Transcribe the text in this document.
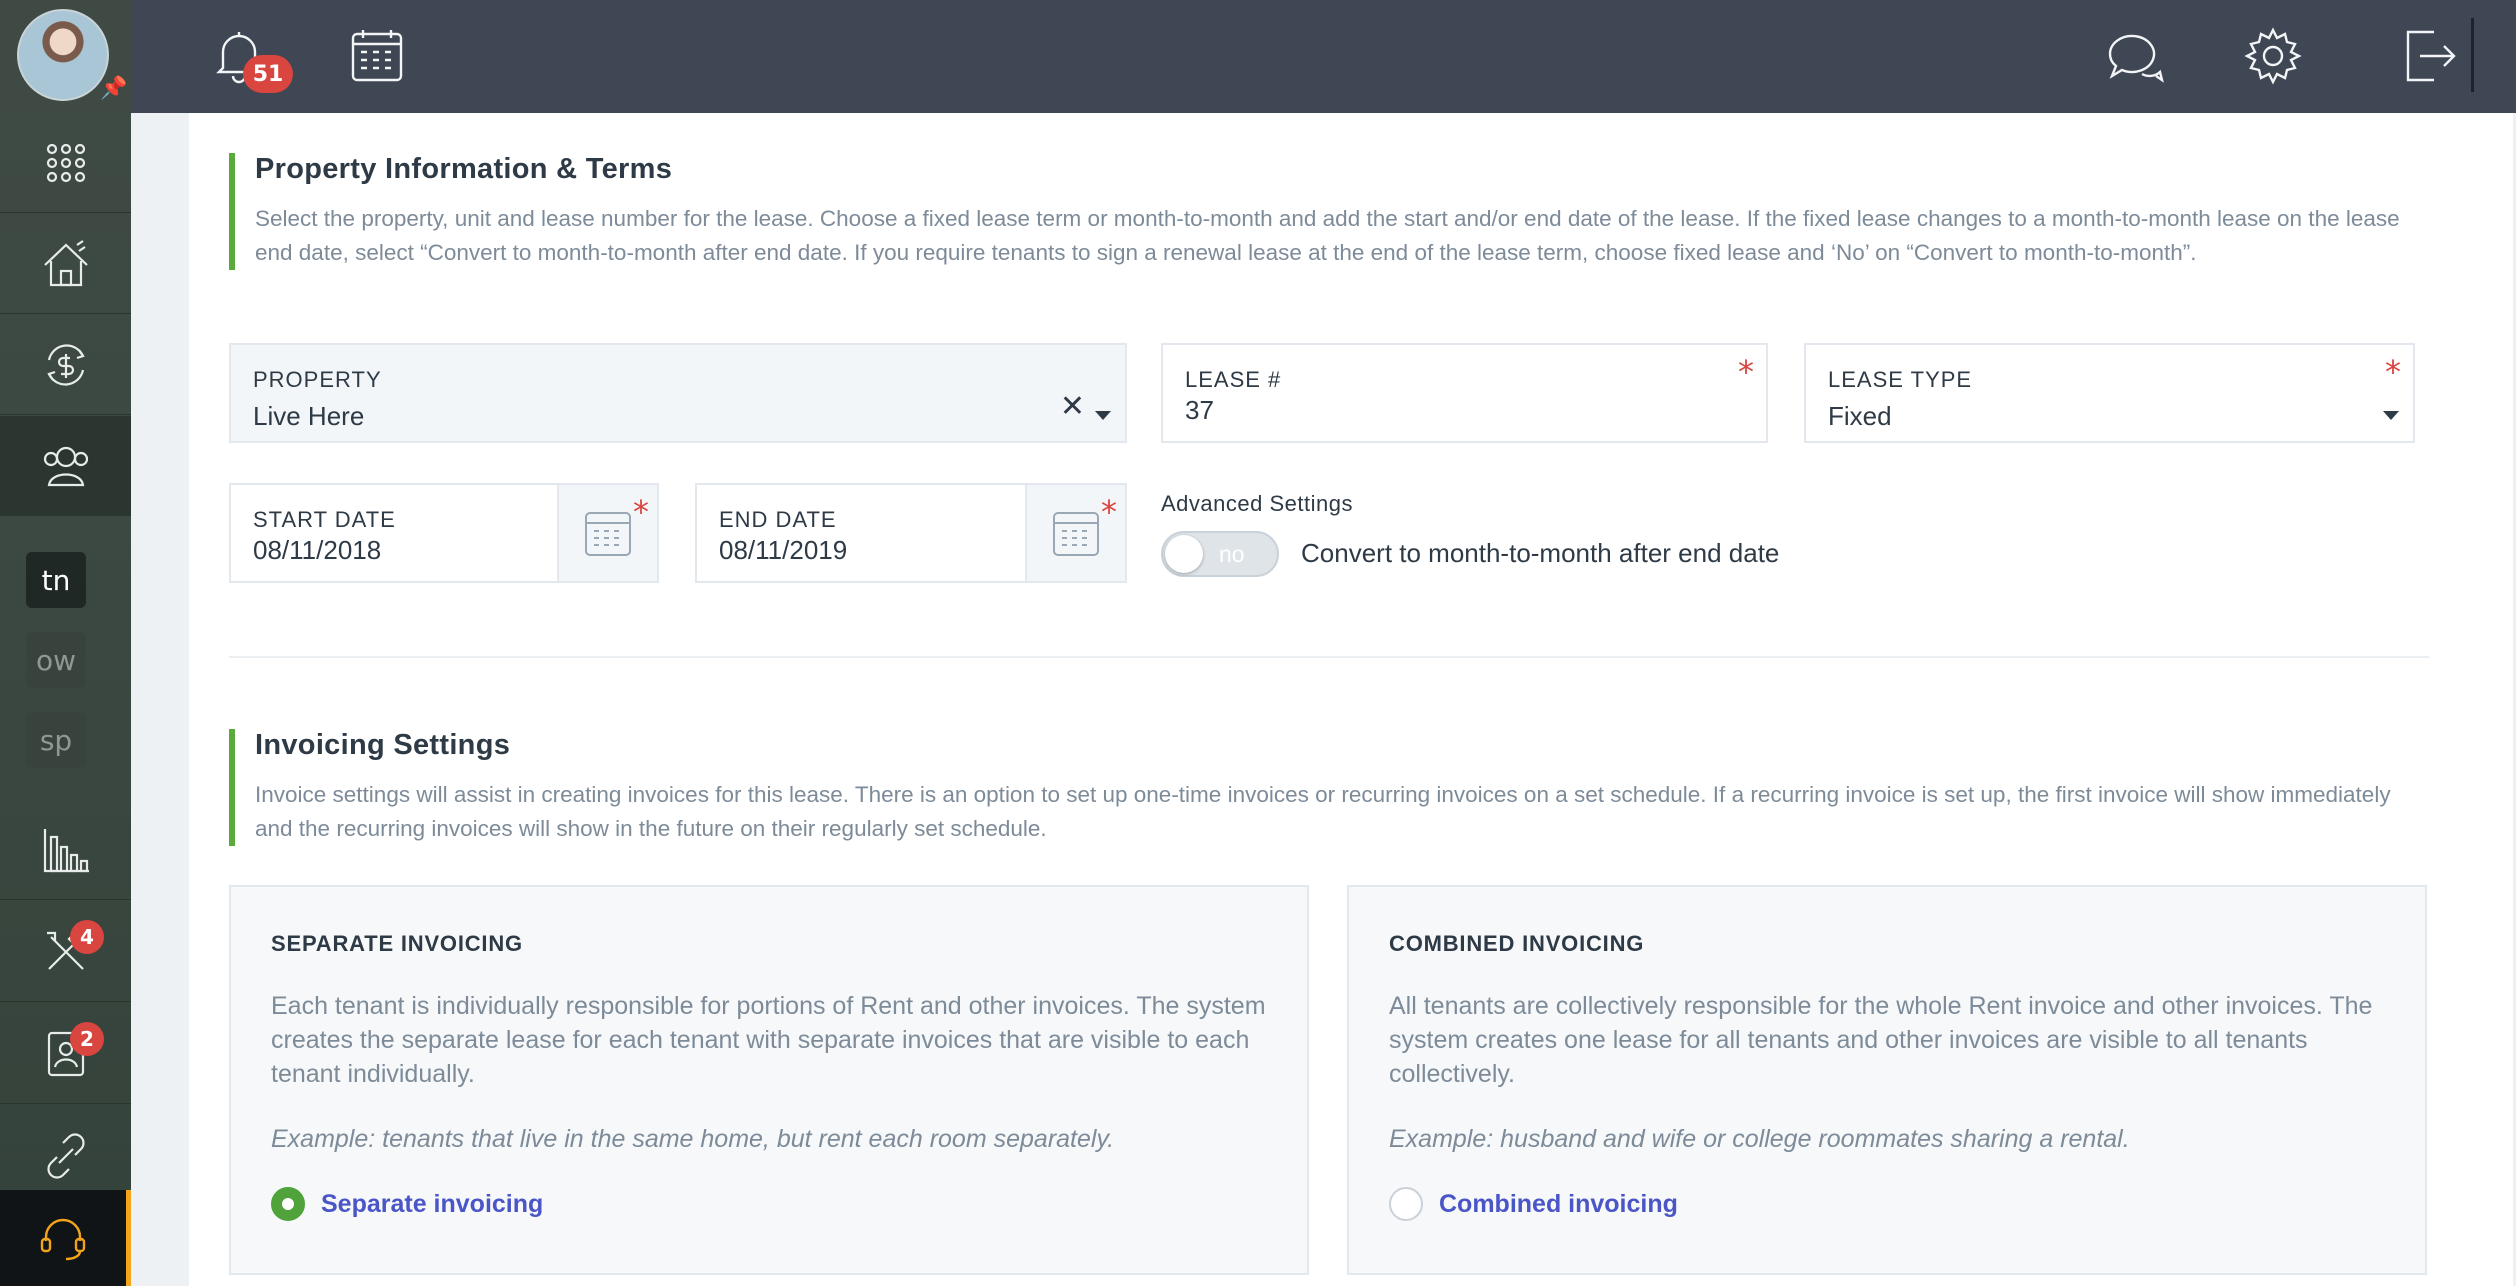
📌
tn
ow
sp
4
2
51
Property Information & Terms

Select the property, unit and lease number for the lease. Choose a fixed lease term or month-to-month and add the start and/or end date of the lease. If the fixed lease changes to a month-to-month lease on the lease end date, select “Convert to month-to-month after end date. If you require tenants to sign a renewal lease at the end of the lease term, choose fixed lease and ‘No’ on “Convert to month-to-month”.

PROPERTY
Live Here	✕
LEASE #
37
*	LEASE TYPE
Fixed
*
START DATE
08/11/2018
*	END DATE
08/11/2019
* Advanced Settings
no Convert to month-to-month after end date
Invoicing Settings

Invoice settings will assist in creating invoices for this lease. There is an option to set up one-time invoices or recurring invoices on a set schedule. If a recurring invoice is set up, the first invoice will show immediately and the recurring invoices will show in the future on their regularly set schedule.

SEPARATE INVOICING
Each tenant is individually responsible for portions of Rent and other invoices. The system creates the separate lease for each tenant with separate invoices that are visible to each tenant individually.
Example: tenants that live in the same home, but rent each room separately.
Separate invoicing
COMBINED INVOICING
All tenants are collectively responsible for the whole Rent invoice and other invoices. The system creates one lease for all tenants and other invoices are visible to all tenants collectively.
Example: husband and wife or college roommates sharing a rental.
Combined invoicing
